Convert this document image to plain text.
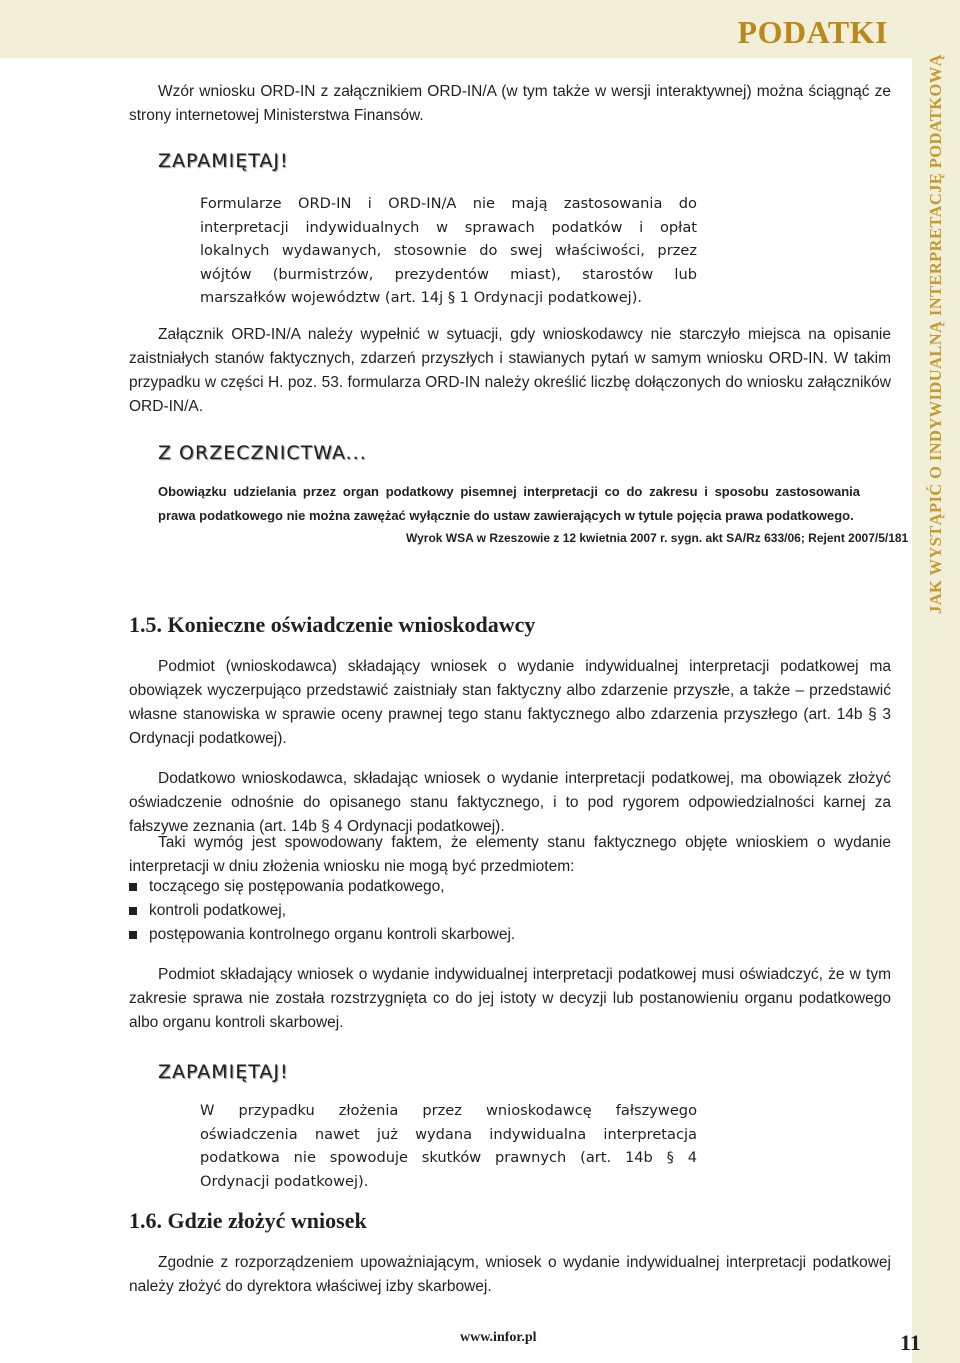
PODATKI
JAK WYSTĄPIĆ O INDYWIDUALNĄ INTERPRETACJĘ PODATKOWĄ
Wzór wniosku ORD-IN z załącznikiem ORD-IN/A (w tym także w wersji interaktywnej) można ściągnąć ze strony internetowej Ministerstwa Finansów.
ZAPAMIĘTAJ!
Formularze ORD-IN i ORD-IN/A nie mają zastosowania do interpretacji indywidualnych w sprawach podatków i opłat lokalnych wydawanych, stosownie do swej właściwości, przez wójtów (burmistrzów, prezydentów miast), starostów lub marszałków województw (art. 14j § 1 Ordynacji podatkowej).
Załącznik ORD-IN/A należy wypełnić w sytuacji, gdy wnioskodawcy nie starczyło miejsca na opisanie zaistniałych stanów faktycznych, zdarzeń przyszłych i stawianych pytań w samym wniosku ORD-IN. W takim przypadku w części H. poz. 53. formularza ORD-IN należy określić liczbę dołączonych do wniosku załączników ORD-IN/A.
Z ORZECZNICTWA...
Obowiązku udzielania przez organ podatkowy pisemnej interpretacji co do zakresu i sposobu zastosowania prawa podatkowego nie można zawężać wyłącznie do ustaw zawierających w tytule pojęcia prawa podatkowego.
Wyrok WSA w Rzeszowie z 12 kwietnia 2007 r. sygn. akt SA/Rz 633/06; Rejent 2007/5/181
1.5. Konieczne oświadczenie wnioskodawcy
Podmiot (wnioskodawca) składający wniosek o wydanie indywidualnej interpretacji podatkowej ma obowiązek wyczerpująco przedstawić zaistniały stan faktyczny albo zdarzenie przyszłe, a także – przedstawić własne stanowiska w sprawie oceny prawnej tego stanu faktycznego albo zdarzenia przyszłego (art. 14b § 3 Ordynacji podatkowej).
Dodatkowo wnioskodawca, składając wniosek o wydanie interpretacji podatkowej, ma obowiązek złożyć oświadczenie odnośnie do opisanego stanu faktycznego, i to pod rygorem odpowiedzialności karnej za fałszywe zeznania (art. 14b § 4 Ordynacji podatkowej).
Taki wymóg jest spowodowany faktem, że elementy stanu faktycznego objęte wnioskiem o wydanie interpretacji w dniu złożenia wniosku nie mogą być przedmiotem:
toczącego się postępowania podatkowego,
kontroli podatkowej,
postępowania kontrolnego organu kontroli skarbowej.
Podmiot składający wniosek o wydanie indywidualnej interpretacji podatkowej musi oświadczyć, że w tym zakresie sprawa nie została rozstrzygnięta co do jej istoty w decyzji lub postanowieniu organu podatkowego albo organu kontroli skarbowej.
ZAPAMIĘTAJ!
W przypadku złożenia przez wnioskodawcę fałszywego oświadczenia nawet już wydana indywidualna interpretacja podatkowa nie spowoduje skutków prawnych (art. 14b § 4 Ordynacji podatkowej).
1.6. Gdzie złożyć wniosek
Zgodnie z rozporządzeniem upoważniającym, wniosek o wydanie indywidualnej interpretacji podatkowej należy złożyć do dyrektora właściwej izby skarbowej.
www.infor.pl	11
